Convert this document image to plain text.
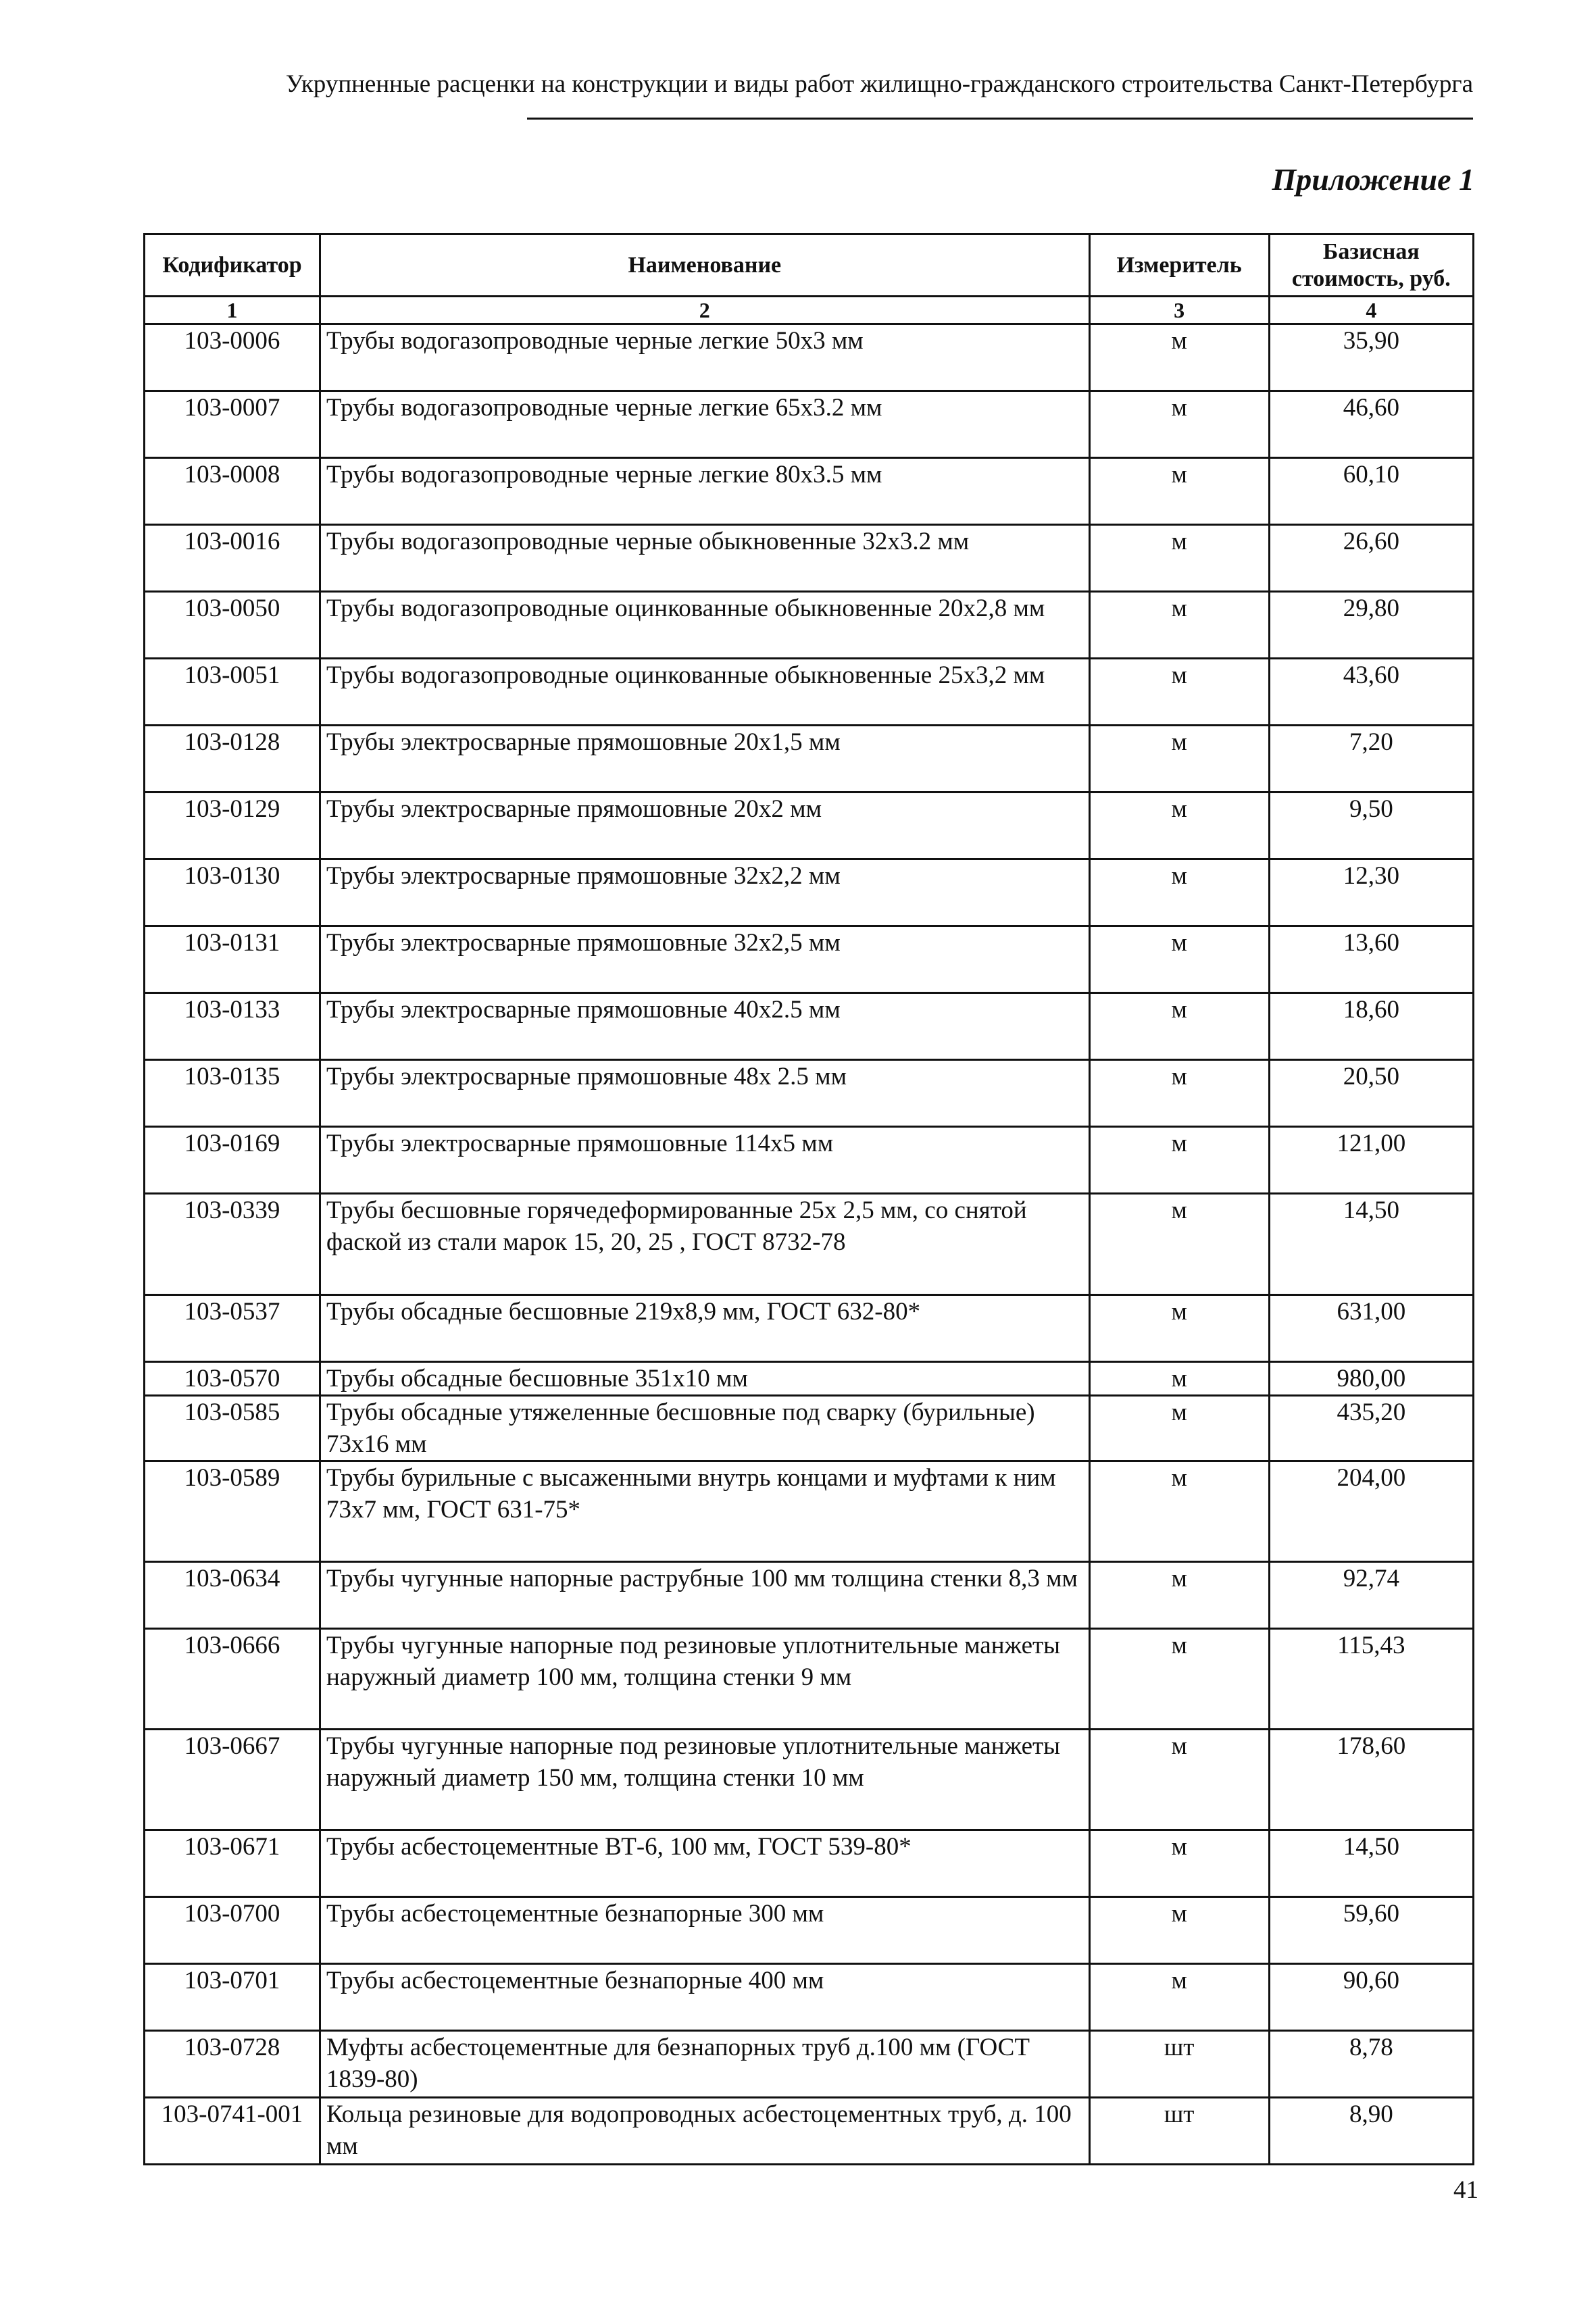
Укрупненные расценки на конструкции и виды работ жилищно-гражданского строительства Санкт-Петербурга
Приложение 1
Кодификатор	Наименование	Измеритель	Базисная стоимость, руб.
1	2	3	4
103-0006	Трубы водогазопроводные черные легкие 50x3 мм	м	35,90
103-0007	Трубы водогазопроводные черные легкие 65x3.2 мм	м	46,60
103-0008	Трубы водогазопроводные черные легкие 80x3.5 мм	м	60,10
103-0016	Трубы водогазопроводные черные обыкновенные 32x3.2 мм	м	26,60
103-0050	Трубы водогазопроводные оцинкованные обыкновенные 20x2,8 мм	м	29,80
103-0051	Трубы водогазопроводные оцинкованные обыкновенные 25x3,2 мм	м	43,60
103-0128	Трубы электросварные прямошовные 20x1,5 мм	м	7,20
103-0129	Трубы электросварные прямошовные 20x2 мм	м	9,50
103-0130	Трубы электросварные прямошовные 32x2,2 мм	м	12,30
103-0131	Трубы электросварные прямошовные 32x2,5 мм	м	13,60
103-0133	Трубы электросварные прямошовные 40x2.5 мм	м	18,60
103-0135	Трубы электросварные прямошовные 48x 2.5 мм	м	20,50
103-0169	Трубы электросварные прямошовные 114x5 мм	м	121,00
103-0339	Трубы бесшовные горячедеформированные 25x 2,5 мм, со снятой фаской из стали марок 15, 20, 25 , ГОСТ 8732-78	м	14,50
103-0537	Трубы обсадные бесшовные 219x8,9 мм, ГОСТ 632-80*	м	631,00
103-0570	Трубы обсадные бесшовные 351x10 мм	м	980,00
103-0585	Трубы обсадные утяжеленные бесшовные под сварку (бурильные) 73x16 мм	м	435,20
103-0589	Трубы бурильные с высаженными внутрь концами и муфтами к ним 73x7 мм, ГОСТ 631-75*	м	204,00
103-0634	Трубы чугунные напорные раструбные 100 мм толщина стенки 8,3 мм	м	92,74
103-0666	Трубы чугунные напорные под резиновые уплотнительные манжеты наружный диаметр 100 мм, толщина стенки 9 мм	м	115,43
103-0667	Трубы чугунные напорные под резиновые уплотнительные манжеты наружный диаметр 150 мм, толщина стенки 10 мм	м	178,60
103-0671	Трубы асбестоцементные ВТ-6, 100 мм, ГОСТ 539-80*	м	14,50
103-0700	Трубы асбестоцементные безнапорные 300 мм	м	59,60
103-0701	Трубы асбестоцементные безнапорные 400 мм	м	90,60
103-0728	Муфты асбестоцементные для безнапорных труб д.100 мм (ГОСТ 1839-80)	шт	8,78
103-0741-001	Кольца резиновые для водопроводных асбестоцементных труб, д. 100 мм	шт	8,90
41
